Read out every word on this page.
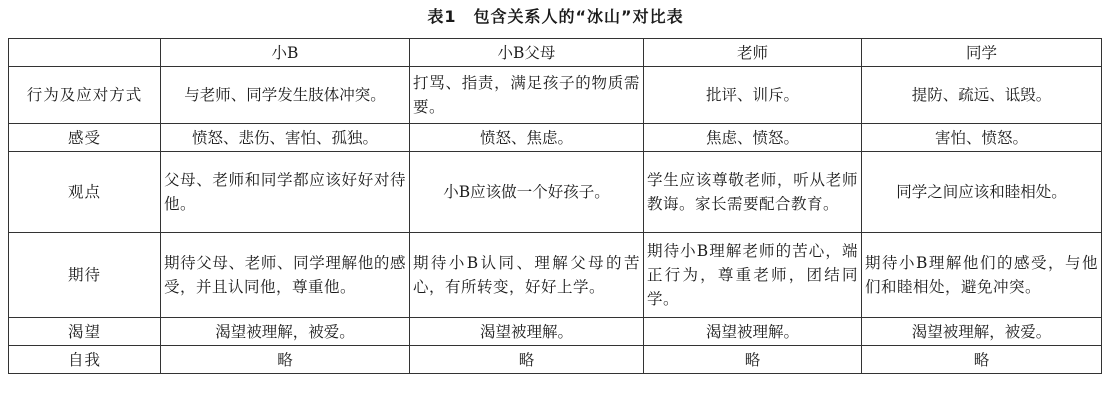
表1　包含关系人的“冰山”对比表
	小B	小B父母	老师	同学
行为及应对方式	与老师、同学发生肢体冲突。	打骂、指责，满足孩子的物质需要。	批评、训斥。	提防、疏远、诋毁。
感受	愤怒、悲伤、害怕、孤独。	愤怒、焦虑。	焦虑、愤怒。	害怕、愤怒。
观点	父母、老师和同学都应该好好对待他。	小B应该做一个好孩子。	学生应该尊敬老师，听从老师教诲。家长需要配合教育。	同学之间应该和睦相处。
期待	期待父母、老师、同学理解他的感受，并且认同他，尊重他。	期待小B认同、理解父母的苦心，有所转变，好好上学。	期待小B理解老师的苦心，端正行为，尊重老师，团结同学。	期待小B理解他们的感受，与他们和睦相处，避免冲突。
渴望	渴望被理解，被爱。	渴望被理解。	渴望被理解。	渴望被理解，被爱。
自我	略	略	略	略
